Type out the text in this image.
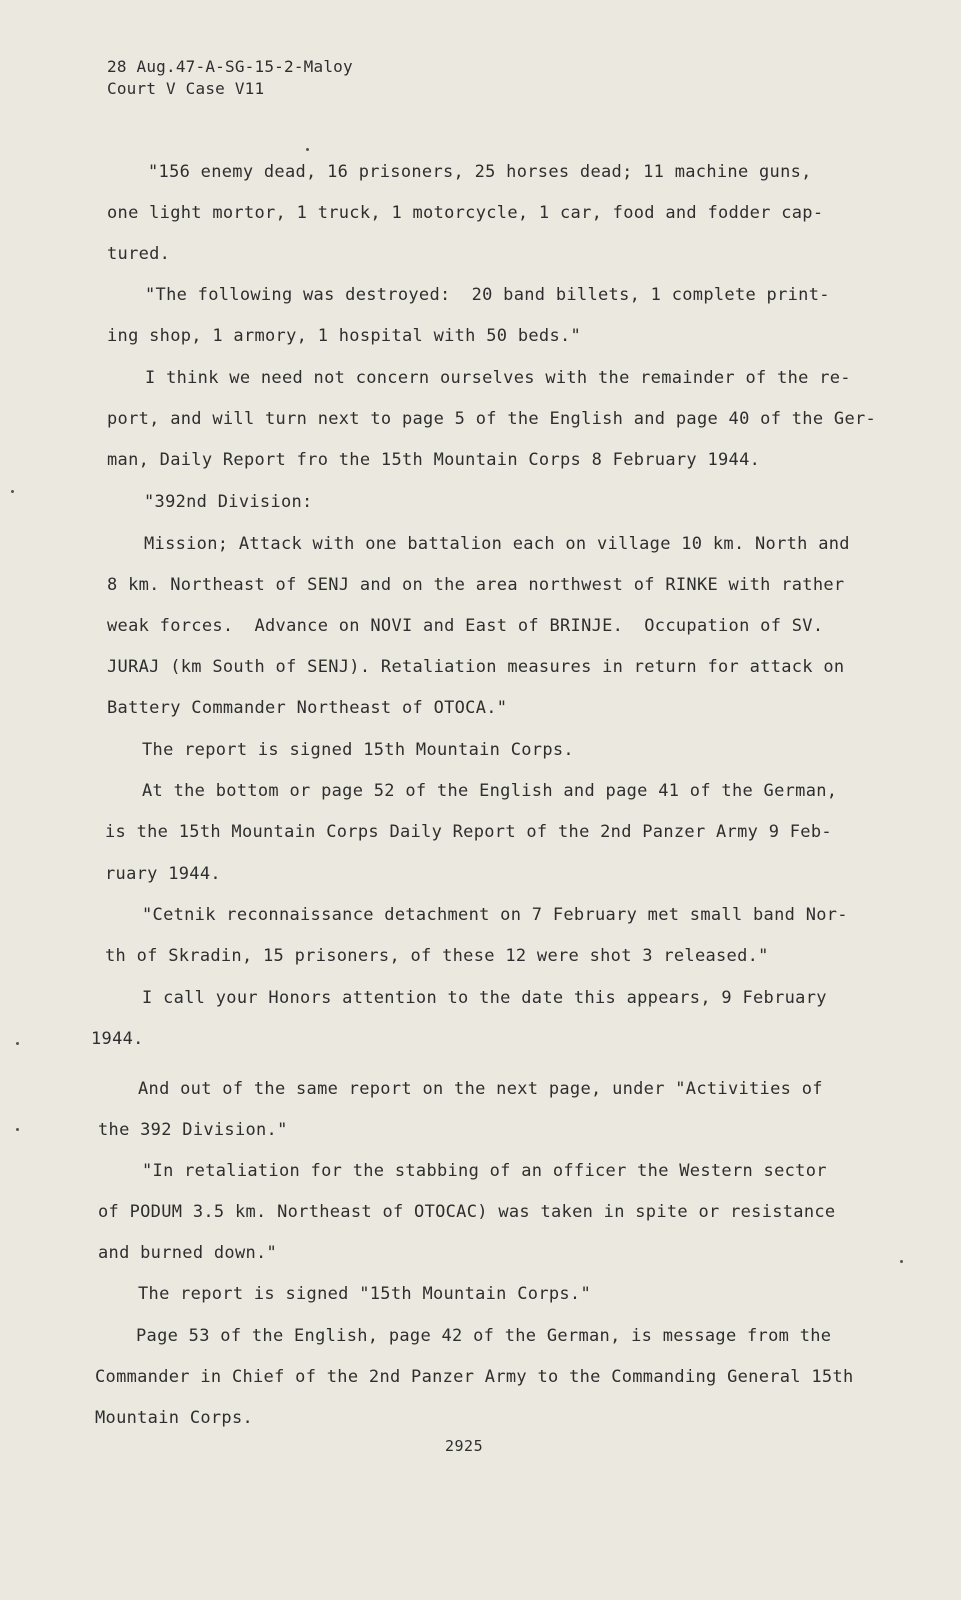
28 Aug.47-A-SG-15-2-Maloy
Court V Case V11
"156 enemy dead, 16 prisoners, 25 horses dead; 11 machine guns,
one light mortor, 1 truck, 1 motorcycle, 1 car, food and fodder cap-
tured.
"The following was destroyed:  20 band billets, 1 complete print-
ing shop, 1 armory, 1 hospital with 50 beds."
I think we need not concern ourselves with the remainder of the re-
port, and will turn next to page 5 of the English and page 40 of the Ger-
man, Daily Report fro the 15th Mountain Corps 8 February 1944.
"392nd Division:
Mission; Attack with one battalion each on village 10 km. North and
8 km. Northeast of SENJ and on the area northwest of RINKE with rather
weak forces.  Advance on NOVI and East of BRINJE.  Occupation of SV.
JURAJ (km South of SENJ). Retaliation measures in return for attack on
Battery Commander Northeast of OTOCA."
The report is signed 15th Mountain Corps.
At the bottom or page 52 of the English and page 41 of the German,
is the 15th Mountain Corps Daily Report of the 2nd Panzer Army 9 Feb-
ruary 1944.
"Cetnik reconnaissance detachment on 7 February met small band Nor-
th of Skradin, 15 prisoners, of these 12 were shot 3 released."
I call your Honors attention to the date this appears, 9 February
1944.
And out of the same report on the next page, under "Activities of
the 392 Division."
"In retaliation for the stabbing of an officer the Western sector
of PODUM 3.5 km. Northeast of OTOCAC) was taken in spite or resistance
and burned down."
The report is signed "15th Mountain Corps."
Page 53 of the English, page 42 of the German, is message from the
Commander in Chief of the 2nd Panzer Army to the Commanding General 15th
Mountain Corps.
2925
